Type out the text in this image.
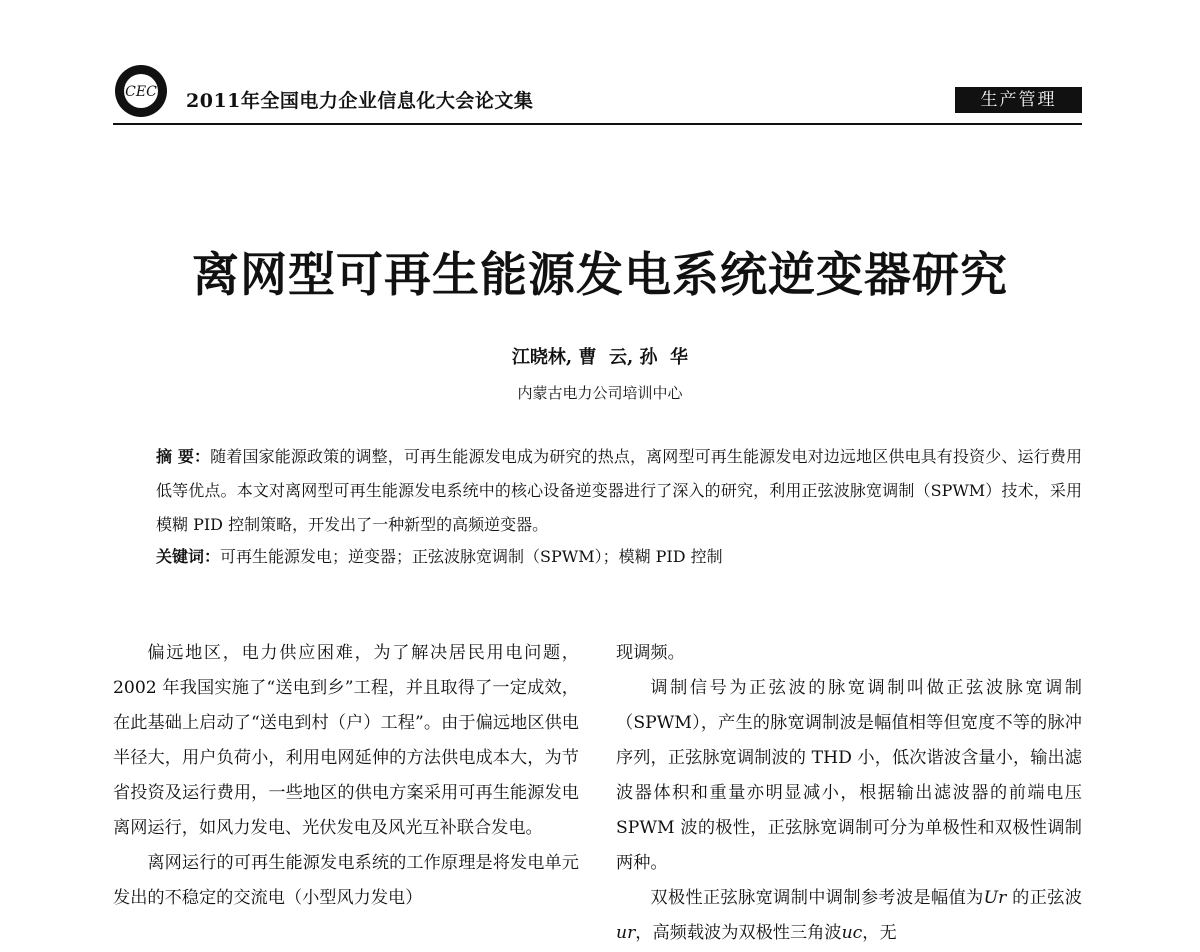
CEC 2011年全国电力企业信息化大会论文集	生产管理
离网型可再生能源发电系统逆变器研究
江晓林, 曹  云, 孙  华
内蒙古电力公司培训中心
摘 要：随着国家能源政策的调整，可再生能源发电成为研究的热点，离网型可再生能源发电对边远地区供电具有投资少、运行费用低等优点。本文对离网型可再生能源发电系统中的核心设备逆变器进行了深入的研究，利用正弦波脉宽调制（SPWM）技术，采用模糊 PID 控制策略，开发出了一种新型的高频逆变器。
关键词：可再生能源发电；逆变器；正弦波脉宽调制（SPWM）；模糊 PID 控制

偏远地区，电力供应困难，为了解决居民用电问题，2002 年我国实施了“送电到乡”工程，并且取得了一定成效，在此基础上启动了“送电到村（户）工程”。由于偏远地区供电半径大，用户负荷小，利用电网延伸的方法供电成本大，为节省投资及运行费用，一些地区的供电方案采用可再生能源发电离网运行，如风力发电、光伏发电及风光互补联合发电。

离网运行的可再生能源发电系统的工作原理是将发电单元发出的不稳定的交流电（小型风力发电）

现调频。

调制信号为正弦波的脉宽调制叫做正弦波脉宽调制（SPWM），产生的脉宽调制波是幅值相等但宽度不等的脉冲序列，正弦脉宽调制波的 THD 小，低次谐波含量小，输出滤波器体积和重量亦明显减小，根据输出滤波器的前端电压 SPWM 波的极性，正弦脉宽调制可分为单极性和双极性调制两种。

双极性正弦脉宽调制中调制参考波是幅值为Ur 的正弦波ur，高频载波为双极性三角波uc，无
